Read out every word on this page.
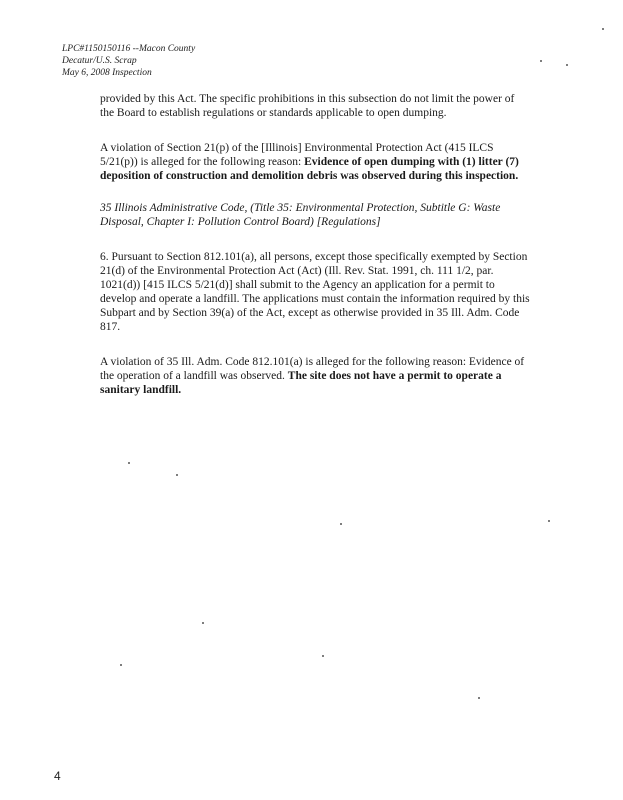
LPC#1150150116 --Macon County
Decatur/U.S. Scrap
May 6, 2008 Inspection

provided by this Act. The specific prohibitions in this subsection do not limit the power of the Board to establish regulations or standards applicable to open dumping.

A violation of Section 21(p) of the [Illinois] Environmental Protection Act (415 ILCS 5/21(p)) is alleged for the following reason: Evidence of open dumping with (1) litter (7) deposition of construction and demolition debris was observed during this inspection.

35 Illinois Administrative Code, (Title 35: Environmental Protection, Subtitle G: Waste Disposal, Chapter I: Pollution Control Board) [Regulations]

6. Pursuant to Section 812.101(a), all persons, except those specifically exempted by Section 21(d) of the Environmental Protection Act (Act) (Ill. Rev. Stat. 1991, ch. 111 1/2, par. 1021(d)) [415 ILCS 5/21(d)] shall submit to the Agency an application for a permit to develop and operate a landfill. The applications must contain the information required by this Subpart and by Section 39(a) of the Act, except as otherwise provided in 35 Ill. Adm. Code 817.

A violation of 35 Ill. Adm. Code 812.101(a) is alleged for the following reason: Evidence of the operation of a landfill was observed. The site does not have a permit to operate a sanitary landfill.

4
